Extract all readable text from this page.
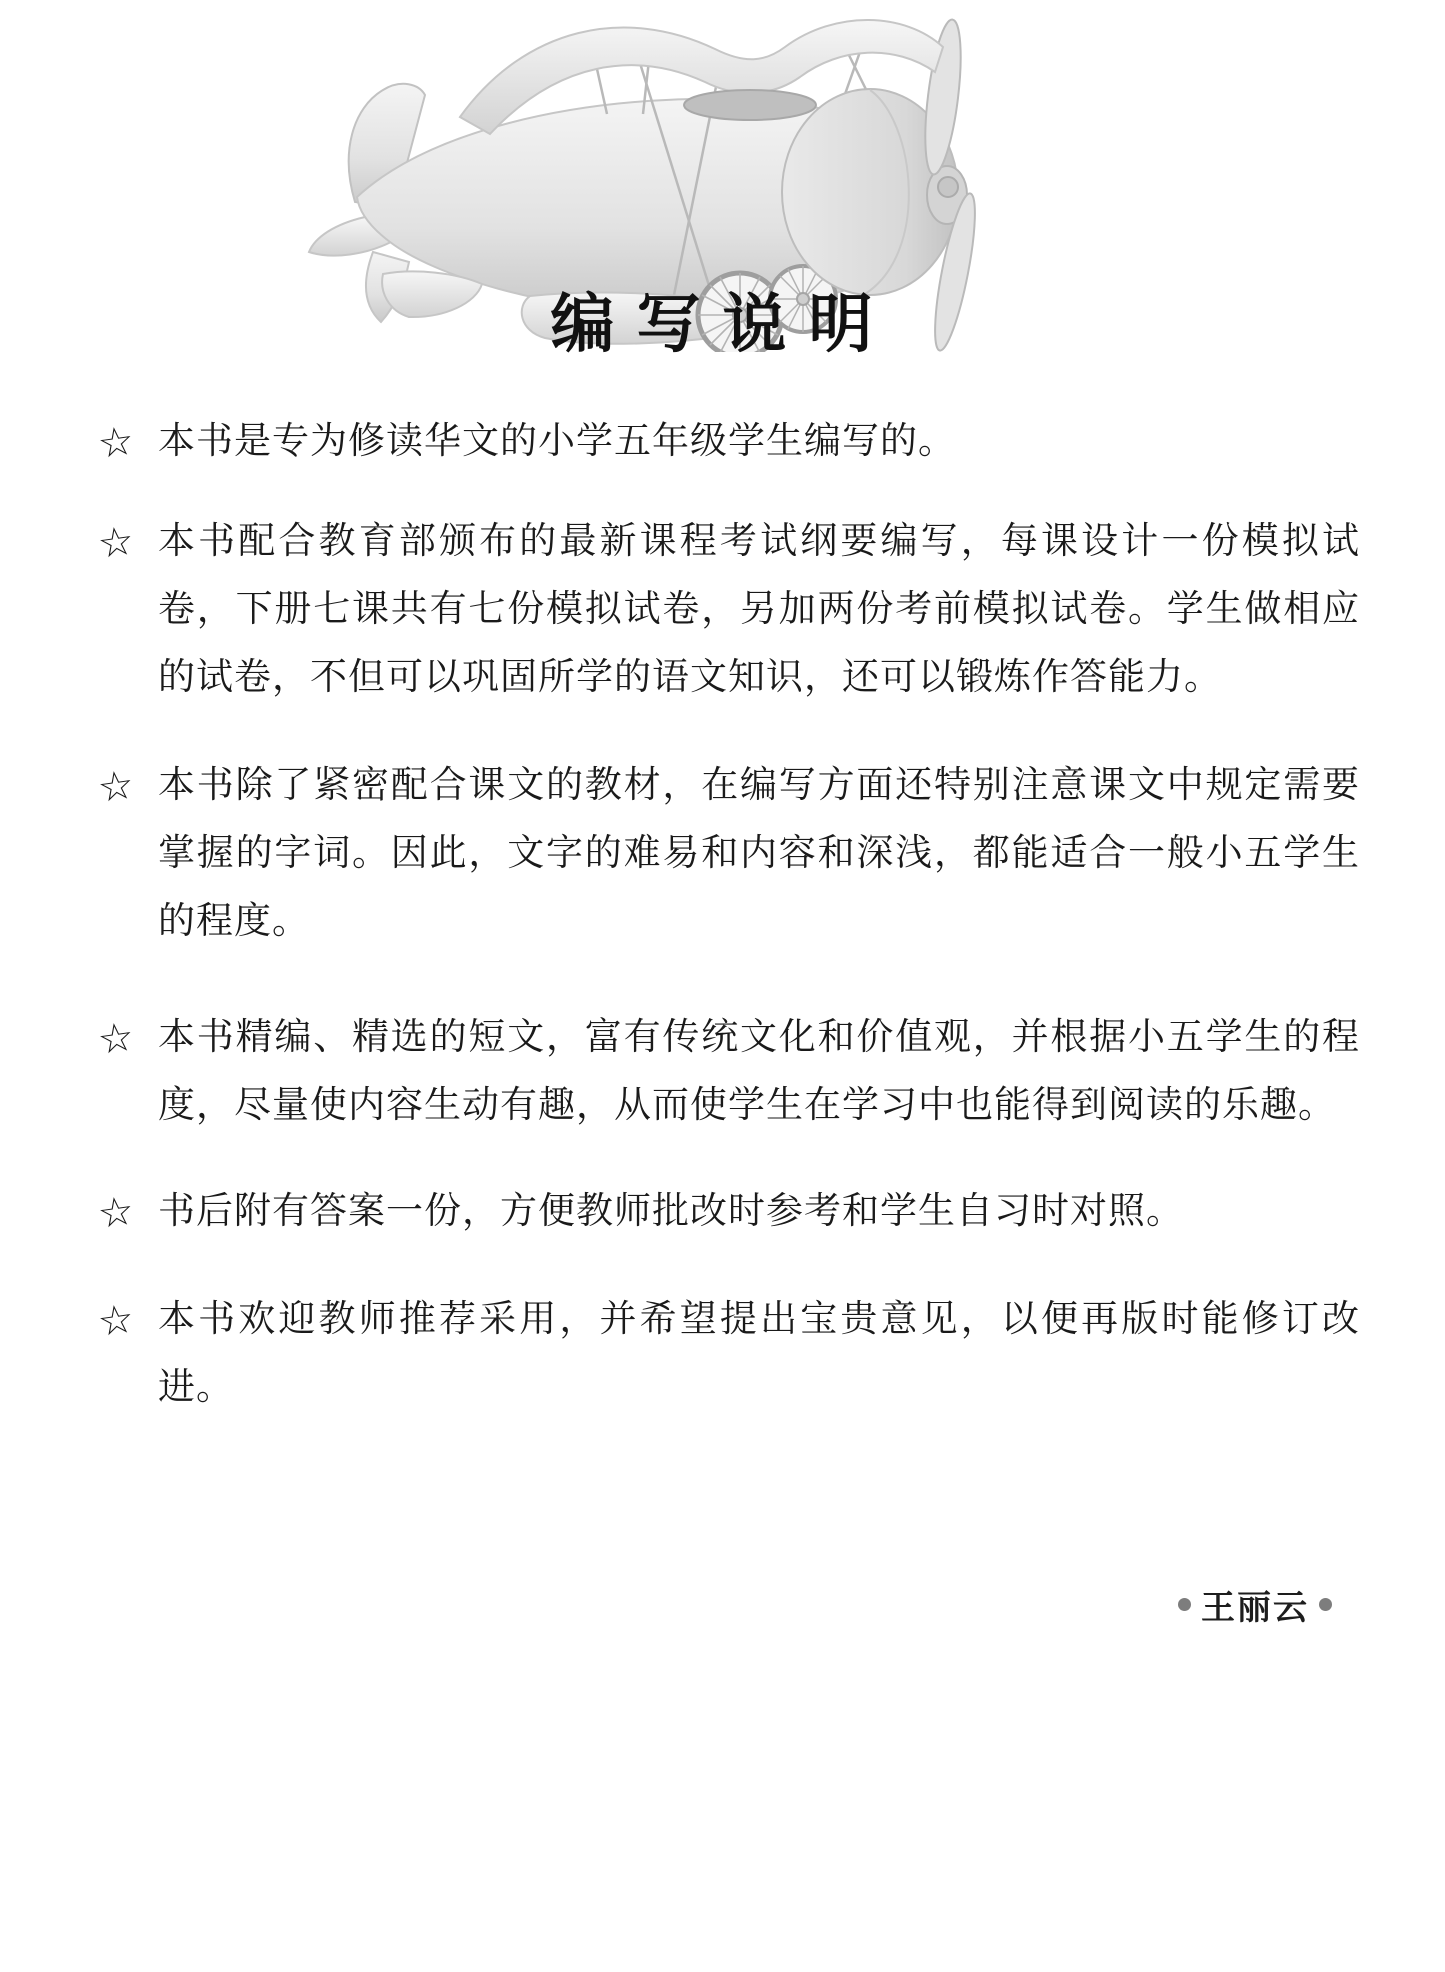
编写说明
☆ 本书是专为修读华文的小学五年级学生编写的。
☆ 本书配合教育部颁布的最新课程考试纲要编写，每课设计一份模拟试卷，下册七课共有七份模拟试卷，另加两份考前模拟试卷。学生做相应的试卷，不但可以巩固所学的语文知识，还可以锻炼作答能力。
☆ 本书除了紧密配合课文的教材，在编写方面还特别注意课文中规定需要掌握的字词。因此，文字的难易和内容和深浅，都能适合一般小五学生的程度。
☆ 本书精编、精选的短文，富有传统文化和价值观，并根据小五学生的程度，尽量使内容生动有趣，从而使学生在学习中也能得到阅读的乐趣。
☆ 书后附有答案一份，方便教师批改时参考和学生自习时对照。
☆ 本书欢迎教师推荐采用，并希望提出宝贵意见，以便再版时能修订改进。
王丽云
